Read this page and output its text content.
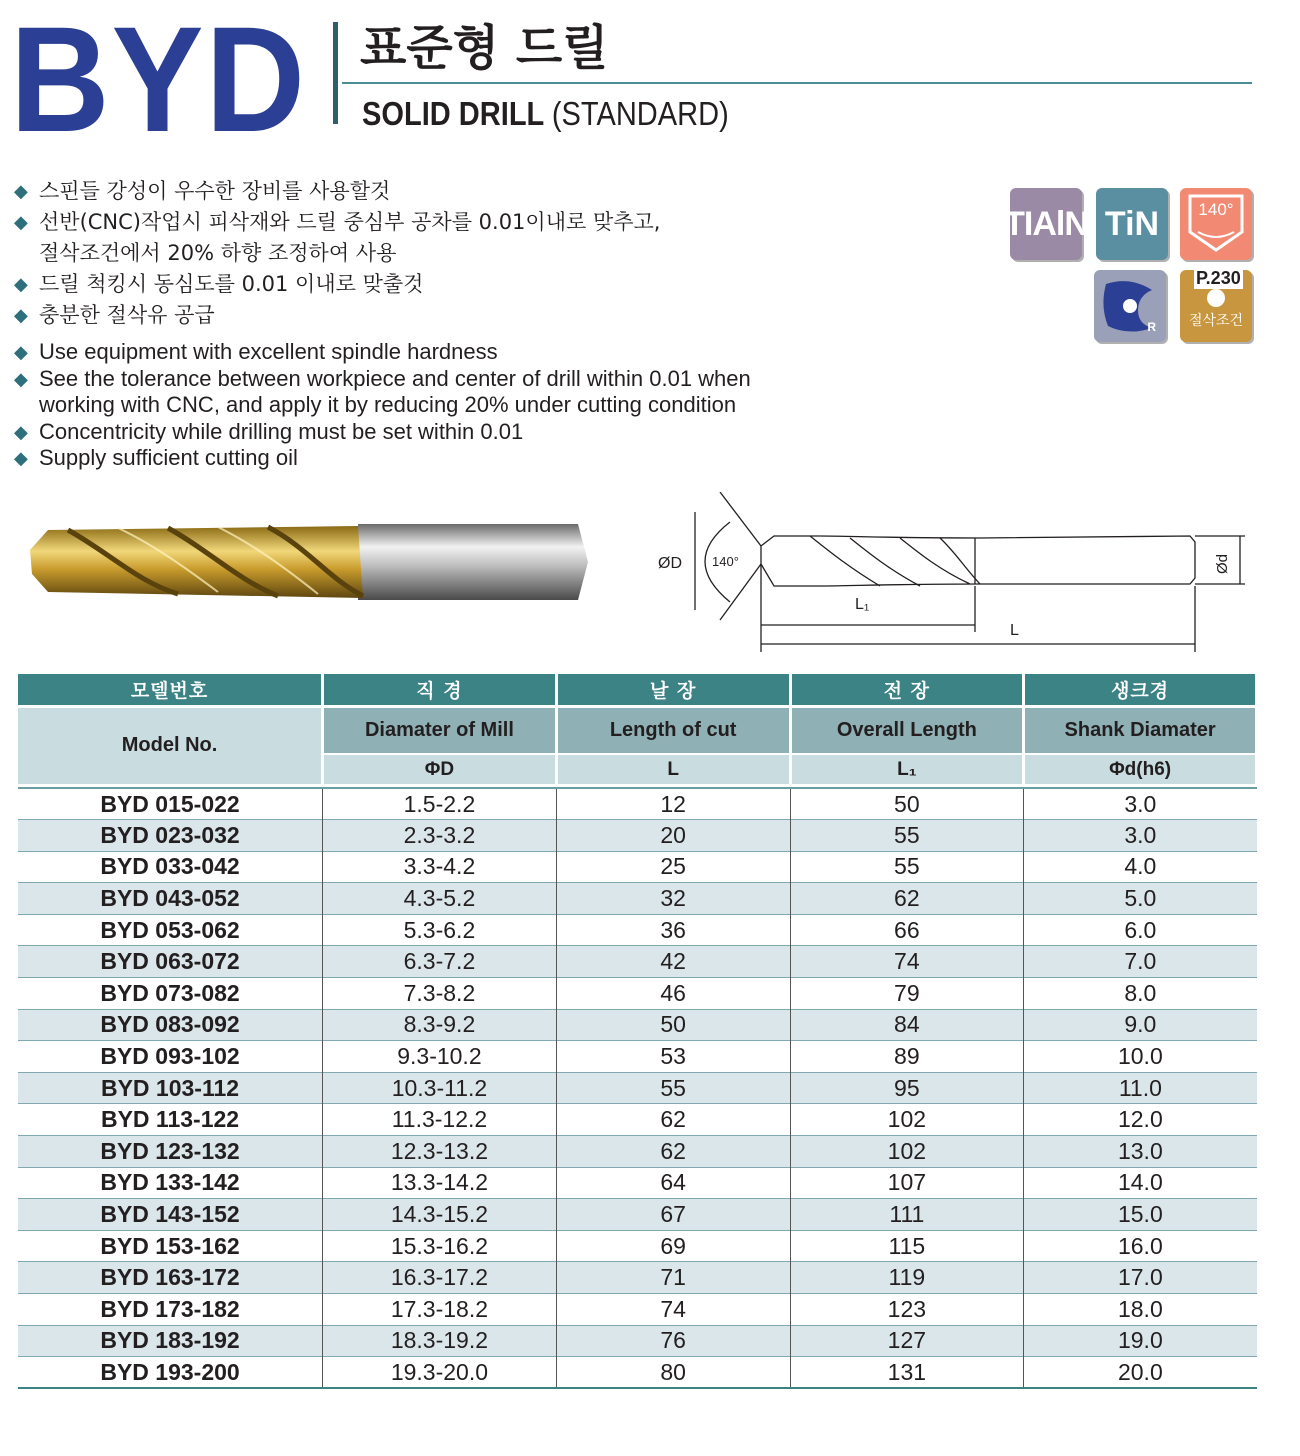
BYD 표준형 드릴
SOLID DRILL (STANDARD)
◆ 스핀들 강성이 우수한 장비를 사용할것
◆ 선반(CNC)작업시 피삭재와 드릴 중심부 공차를 0.01이내로 맞추고,
절삭조건에서 20% 하향 조정하여 사용
◆ 드릴 척킹시 동심도를 0.01 이내로 맞출것
◆ 충분한 절삭유 공급
◆ Use equipment with excellent spindle hardness
◆ See the tolerance between workpiece and center of drill within 0.01 when
working with CNC, and apply it by reducing 20% under cutting condition
◆ Concentricity while drilling must be set within 0.01
◆ Supply sufficient cutting oil
TIAlN TiN	140°
R
P.230
절삭조건
ØD 140°
L₁
L
Ød
모델번호	직 경	날 장	전 장	생크경
Model No.	Diamater of Mill	Length of cut	Overall Length	Shank Diamater
	ΦD	L	L₁	Φd(h6)

BYD 015-022	1.5-2.2	12	50	3.0
BYD 023-032	2.3-3.2	20	55	3.0
BYD 033-042	3.3-4.2	25	55	4.0
BYD 043-052	4.3-5.2	32	62	5.0
BYD 053-062	5.3-6.2	36	66	6.0
BYD 063-072	6.3-7.2	42	74	7.0
BYD 073-082	7.3-8.2	46	79	8.0
BYD 083-092	8.3-9.2	50	84	9.0
BYD 093-102	9.3-10.2	53	89	10.0
BYD 103-112	10.3-11.2	55	95	11.0
BYD 113-122	11.3-12.2	62	102	12.0
BYD 123-132	12.3-13.2	62	102	13.0
BYD 133-142	13.3-14.2	64	107	14.0
BYD 143-152	14.3-15.2	67	111	15.0
BYD 153-162	15.3-16.2	69	115	16.0
BYD 163-172	16.3-17.2	71	119	17.0
BYD 173-182	17.3-18.2	74	123	18.0
BYD 183-192	18.3-19.2	76	127	19.0
BYD 193-200	19.3-20.0	80	131	20.0
